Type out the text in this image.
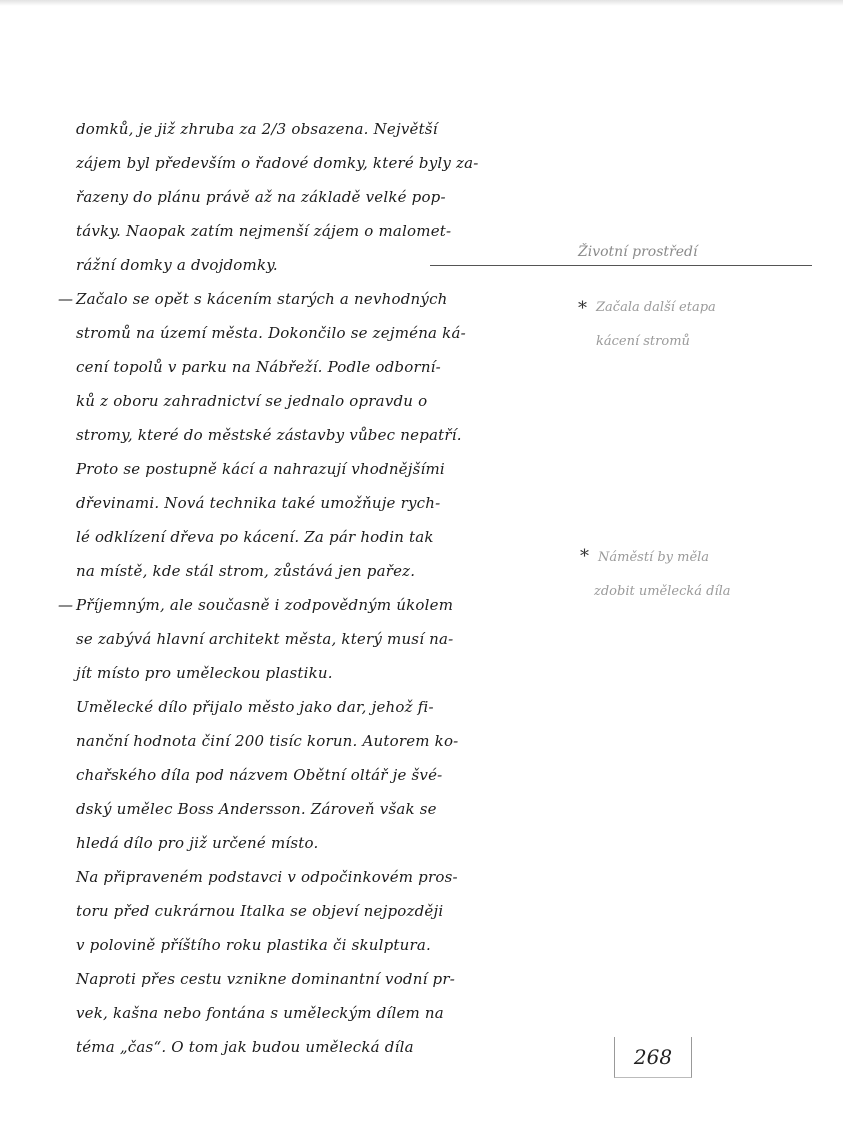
domků, je již zhruba za 2/3 obsazena. Největší
zájem byl především o řadové domky, které byly za-
řazeny do plánu právě až na základě velké pop-
távky. Naopak zatím nejmenší zájem o malomet-
rážní domky a dvojdomky.
— Začalo se opět s kácením starých a nevhodných
stromů na území města. Dokončilo se zejména ká-
cení topolů v parku na Nábřeží. Podle odborní-
ků z oboru zahradnictví se jednalo opravdu o
stromy, které do městské zástavby vůbec nepatří.
Proto se postupně kácí a nahrazují vhodnějšími
dřevinami. Nová technika také umožňuje rych-
lé odklízení dřeva po kácení. Za pár hodin tak
na místě, kde stál strom, zůstává jen pařez.
— Příjemným, ale současně i zodpovědným úkolem
se zabývá hlavní architekt města, který musí na-
jít místo pro uměleckou plastiku.
Umělecké dílo přijalo město jako dar, jehož fi-
nanční hodnota činí 200 tisíc korun. Autorem ko-
chařského díla pod názvem Obětní oltář je švé-
dský umělec Boss Andersson. Zároveň však se
hledá dílo pro již určené místo.
Na připraveném podstavci v odpočinkovém pros-
toru před cukrárnou Italka se objeví nejpozději
v polovině příštího roku plastika či skulptura.
Naproti přes cestu vznikne dominantní vodní pr-
vek, kašna nebo fontána s uměleckým dílem na
téma „čas“. O tom jak budou umělecká díla
Životní prostředí
* Začala další etapa
kácení stromů
* Náměstí by měla
zdobit umělecká díla
268
